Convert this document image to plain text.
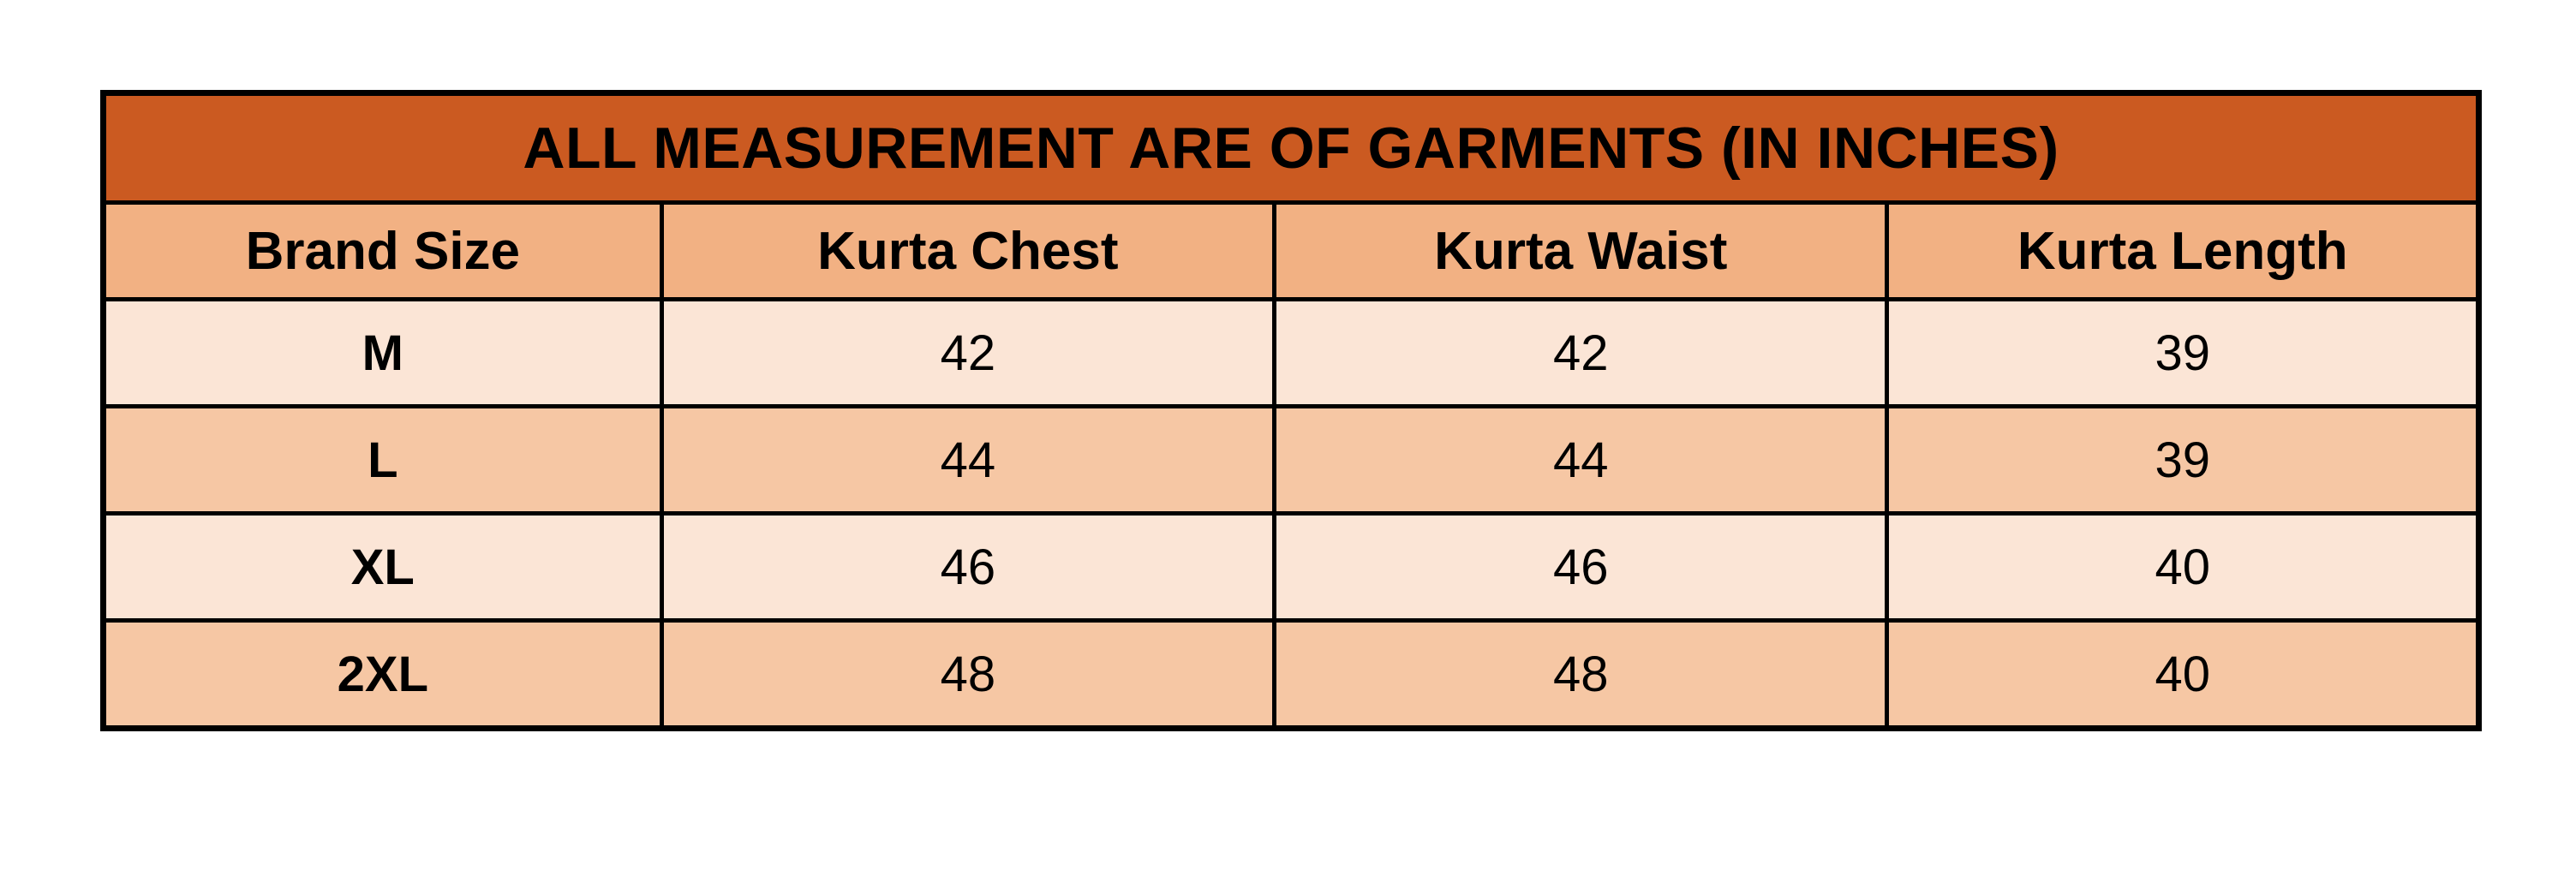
ALL MEASUREMENT ARE OF GARMENTS (IN INCHES)			
Brand Size	Kurta Chest	Kurta Waist	Kurta Length
M	42	42	39
L	44	44	39
XL	46	46	40
2XL	48	48	40
